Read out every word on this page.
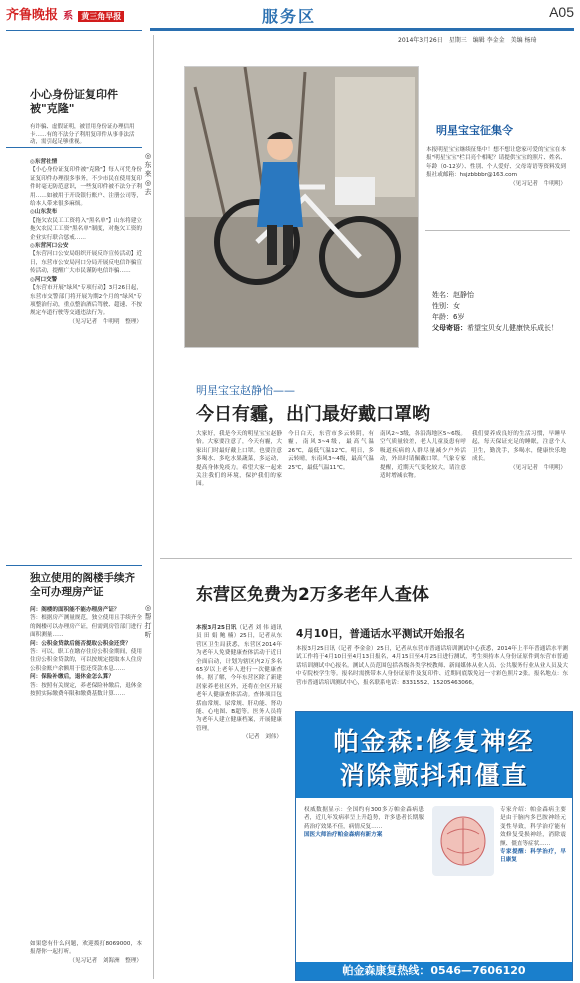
齐鲁晚报 系 黄三角早报	服务区	A05
2014年3月26日　星期三　编辑 李金金　美编 杨琦
小心身份证复印件被"克隆"
有诈骗、虚假证明，被冒用身份证办理信用卡……有的不法分子利用复印件从事非法活动，需引起足够重视。
◎东来◎去
◎东营社情
【小心身份证复印件被"克隆"】每人可凭身份证复印件办理很多事务，不少市民在使用复印件时毫无防范意识，一些复印件被不法分子利用……如被用于开设银行账户、注册公司等，给本人带来很多麻烦。
◎山东发布
【拖欠农民工工资将入"黑名单"】山东将建立拖欠农民工工资"黑名单"制度，对拖欠工资的企业实行联合惩戒……
◎东营河口公安
【东营河口公安局组织开展反诈宣传活动】近日，东营市公安局河口分局开展反电信诈骗宣传活动，提醒广大市民谨防电信诈骗……
◎河口交警
【东营市开展"绿风"专项行动】3月26日起，东营市交警部门将开展为期2个月的"绿风"专项整治行动，重点整治酒后驾驶、超速、不按规定车道行驶等交通违法行为。
（见习记者　牛明明　整理）
独立使用的阁楼手续齐全可办理房产证
◎帮打听
问：阁楼的面积能不能办理房产证？
答：根据房产测量规范，独立使用且手续齐全的阁楼可以办理房产证，但需到房管部门进行面积测量……
问：公积金贷款后能否提取公积金还贷？
答：可以。职工在缴存住房公积金期间，使用住房公积金贷款的，可以按规定提取本人住房公积金账户余额用于偿还贷款本息……
问：保险补缴后，退休金怎么算？
答：按照有关规定，养老保险补缴后，退休金按照实际缴费年限和缴费基数计算……
如果您有什么问题，欢迎拨打8069000，本报帮你一起打听。
（见习记者　刘海洲　整理）
明星宝宝征集令
本报明星宝宝继续征集中！想不想让您家可爱的宝宝在本报"明星宝宝"栏目亮个相呢？请提供宝宝的照片、姓名、年龄（0-12岁）、性别、个人爱好、父母寄语等资料发到报社或邮箱：hsjzbbbbr@163.com
（见习记者　牛明明）
姓名：赵静怡
性别：女
年龄：6岁
父母寄语：希望宝贝女儿健康快乐成长！
明星宝宝赵静怡——
今日有霾，出门最好戴口罩哟
大家好，我是今天的明星宝宝赵静怡。大家要注意了，今天有霾，大家出门时最好戴上口罩。也要注意多喝水、多吃水果蔬菜，多运动，提高身体免疫力。希望大家一起来关注我们的环境，保护我们的家园。
今日白天，东营市多云转阴，有霾，南风3~4级，最高气温26℃，最低气温12℃。明日，多云转晴，东南风3~4级，最高气温25℃，最低气温11℃。
南风2~3级，各沿海地区5~6级。空气质量较差，老人儿童及患有呼吸道疾病的人群尽量减少户外活动，外出时请佩戴口罩。气象专家提醒，近期天气变化较大，请注意适时增减衣物。
我们要养成良好的生活习惯，早睡早起，每天保证充足的睡眠，注意个人卫生，勤洗手，多喝水，健康快乐地成长。
（见习记者　牛明明）
东营区免费为2万多老年人查体
本报3月25日讯（记者 刘 伟 通讯员 田 娟 鲍 楠）25日，记者从东营区卫生局获悉，东营区2014年为老年人免费健康查体活动于近日全面启动，计划为辖区内2万多名65岁以上老年人进行一次健康查体。据了解，今年东营区除了新建居家养老社区外，还将在全区开展老年人健康查体活动。查体项目包括血常规、尿常规、肝功能、肾功能、心电图、B超等。医务人员将为老年人建立健康档案，开展健康管理。
（记者　刘伟）
4月10日，普通话水平测试开始报名
本报3月25日讯（记者 李金金）25日，记者从东营市普通话培训测试中心获悉，2014年上半年普通话水平测试工作将于4月10日至4月13日报名，4月15日至4月25日进行测试，考生须持本人身份证原件到东营市普通话培训测试中心报名。测试人员范围包括各级各类学校教师、新闻媒体从业人员、公共服务行业从业人员及大中专院校学生等。报名时需携带本人身份证原件及复印件、近期同底版免冠一寸彩色照片2张。报名地点：东营市普通话培训测试中心，报名联系电话：8331552、15205463066。
帕金森:修复神经
消除颤抖和僵直
权威数据显示：全国约有300多万帕金森病患者，近几年发病率呈上升趋势，许多患者长期服药治疗效果不佳，病情反复……
国医大师治疗帕金森病有新方案
专家介绍：帕金森病主要是由于脑内多巴胺神经元变性导致，科学治疗能有效修复受损神经，消除震颤、僵直等症状……
专家提醒：科学治疗，早日康复
帕金森康复热线：0546—7606120
